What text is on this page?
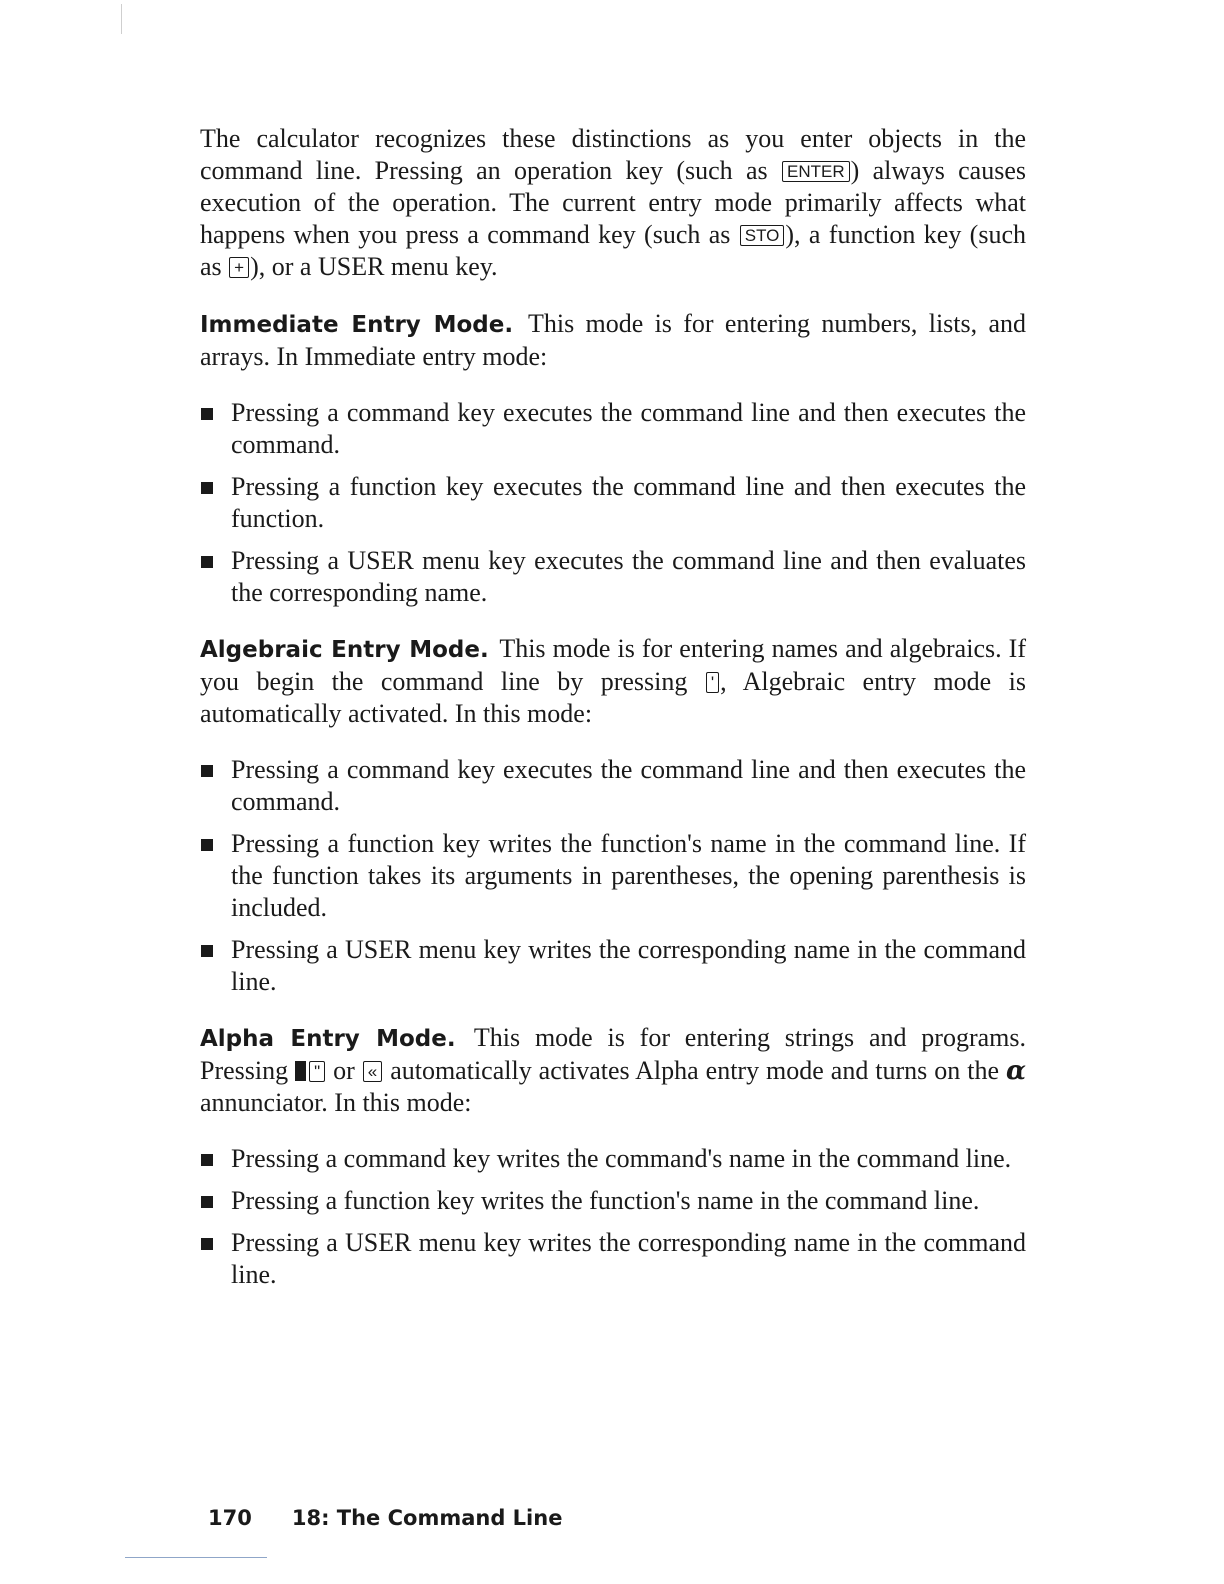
The calculator recognizes these distinctions as you enter objects in the command line. Pressing an operation key (such as ENTER ) always causes execution of the operation. The current entry mode primarily affects what happens when you press a command key (such as STO ), a function key (such as + ), or a USER menu key.

Immediate Entry Mode. This mode is for entering numbers, lists, and arrays. In Immediate entry mode:

Pressing a command key executes the command line and then executes the command.
Pressing a function key executes the command line and then executes the function.
Pressing a USER menu key executes the command line and then evaluates the corresponding name.

Algebraic Entry Mode. This mode is for entering names and algebraics. If you begin the command line by pressing ' , Algebraic entry mode is automatically activated. In this mode:

Pressing a command key executes the command line and then executes the command.
Pressing a function key writes the function's name in the command line. If the function takes its arguments in parentheses, the opening parenthesis is included.
Pressing a USER menu key writes the corresponding name in the command line.

Alpha Entry Mode. This mode is for entering strings and programs. Pressing " or « automatically activates Alpha entry mode and turns on the α annunciator. In this mode:

Pressing a command key writes the command's name in the command line.
Pressing a function key writes the function's name in the command line.
Pressing a USER menu key writes the corresponding name in the command line.
170 18: The Command Line
